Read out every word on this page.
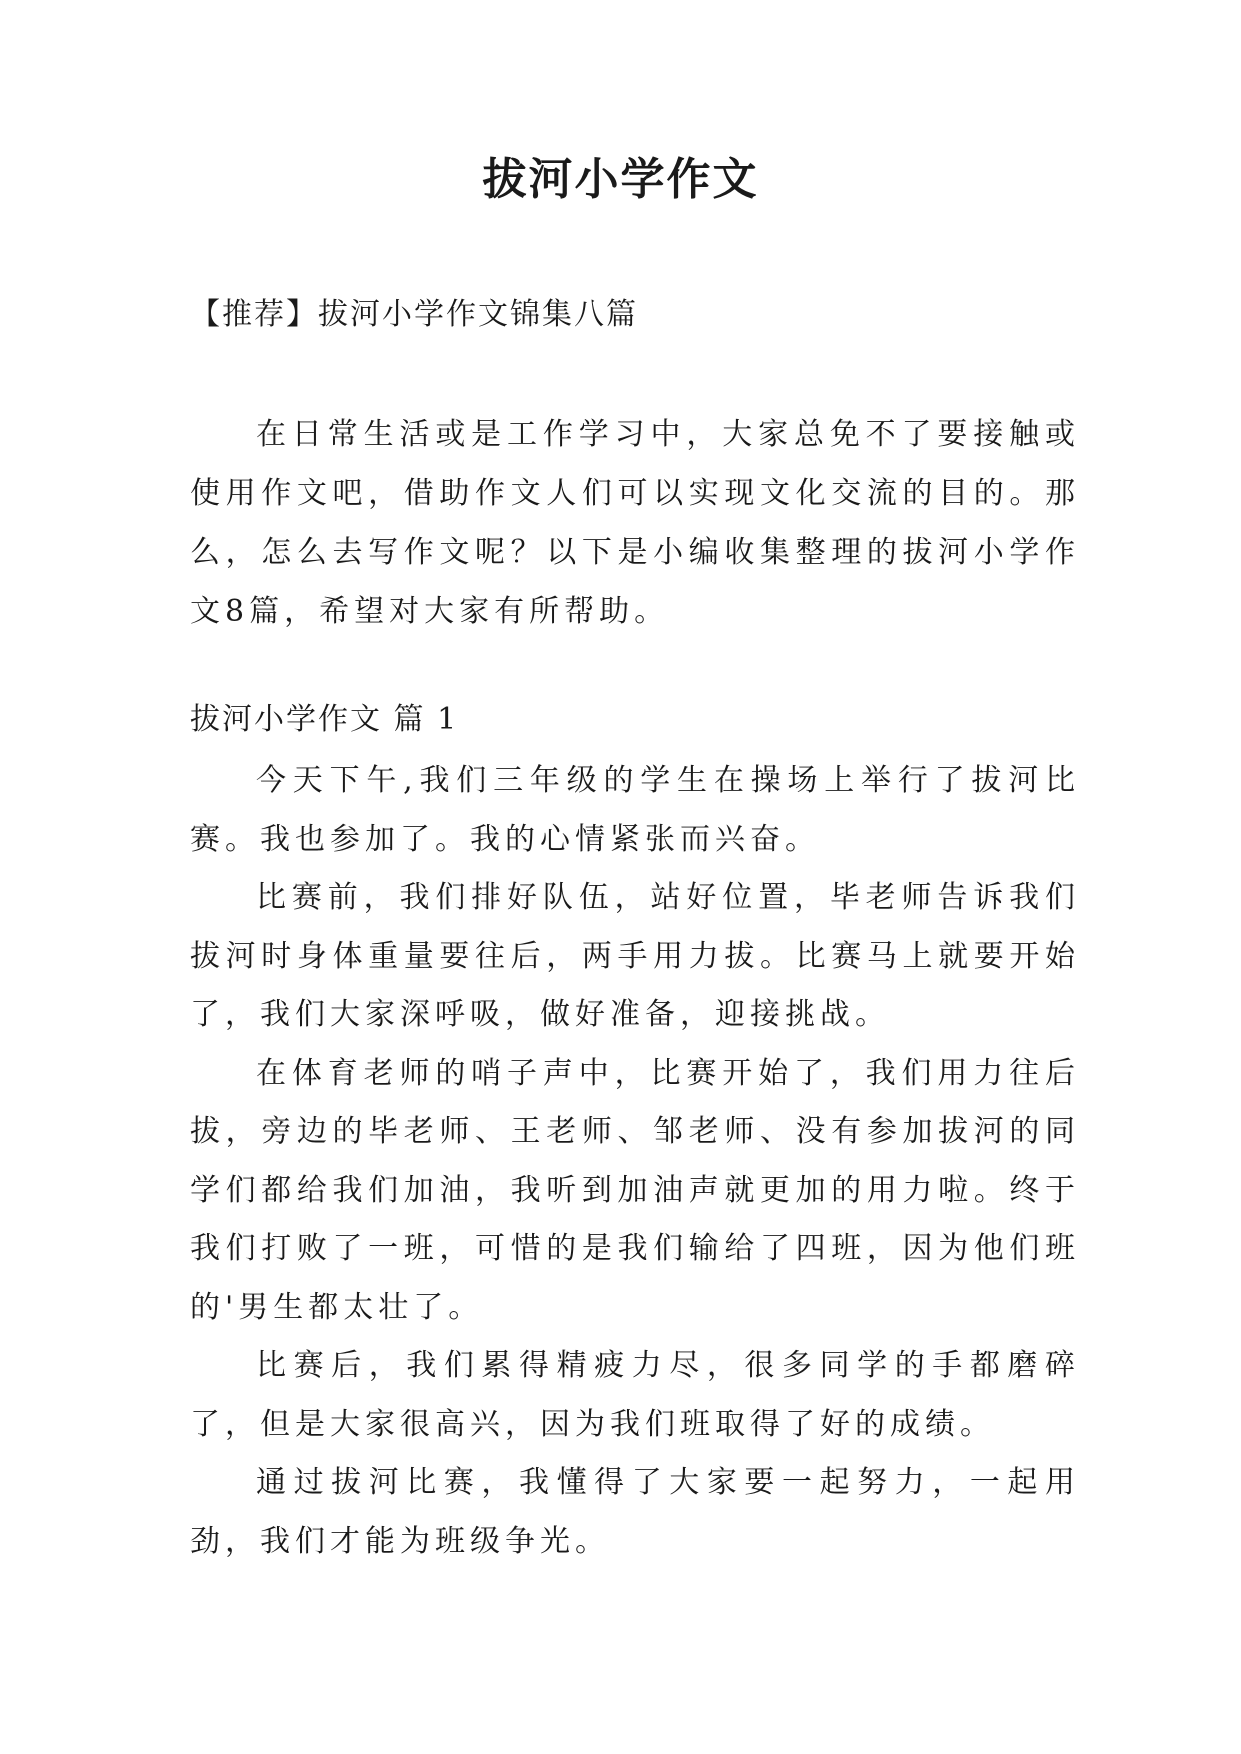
拔河小学作文
【推荐】拔河小学作文锦集八篇

在日常生活或是工作学习中，大家总免不了要接触或使用作文吧，借助作文人们可以实现文化交流的目的。那么，怎么去写作文呢？以下是小编收集整理的拔河小学作文8篇，希望对大家有所帮助。

拔河小学作文 篇 1

今天下午,我们三年级的学生在操场上举行了拔河比赛。我也参加了。我的心情紧张而兴奋。

比赛前，我们排好队伍，站好位置，毕老师告诉我们拔河时身体重量要往后，两手用力拔。比赛马上就要开始了，我们大家深呼吸，做好准备，迎接挑战。

在体育老师的哨子声中，比赛开始了，我们用力往后拔，旁边的毕老师、王老师、邹老师、没有参加拔河的同学们都给我们加油，我听到加油声就更加的用力啦。终于我们打败了一班，可惜的是我们输给了四班，因为他们班的'男生都太壮了。

比赛后，我们累得精疲力尽，很多同学的手都磨碎了，但是大家很高兴，因为我们班取得了好的成绩。

通过拔河比赛，我懂得了大家要一起努力，一起用劲，我们才能为班级争光。
